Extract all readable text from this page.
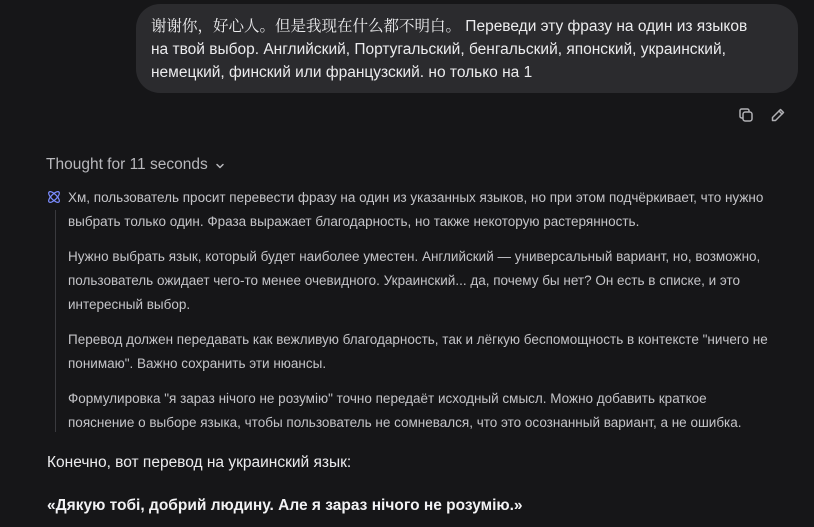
谢谢你，好心人。但是我现在什么都不明白。 Переведи эту фразу на один из языков
на твой выбор. Английский, Португальский, бенгальский, японский, украинский,
немецкий, финский или французский. но только на 1
Thought for 11 seconds
Хм, пользователь просит перевести фразу на один из указанных языков, но при этом подчёркивает, что нужно
выбрать только один. Фраза выражает благодарность, но также некоторую растерянность.
Нужно выбрать язык, который будет наиболее уместен. Английский — универсальный вариант, но, возможно,
пользователь ожидает чего-то менее очевидного. Украинский... да, почему бы нет? Он есть в списке, и это
интересный выбор.
Перевод должен передавать как вежливую благодарность, так и лёгкую беспомощность в контексте "ничего не
понимаю". Важно сохранить эти нюансы.
Формулировка "я зараз нічого не розумію" точно передаёт исходный смысл. Можно добавить краткое
пояснение о выборе языка, чтобы пользователь не сомневался, что это осознанный вариант, а не ошибка.
Конечно, вот перевод на украинский язык:
«Дякую тобі, добрий людину. Але я зараз нічого не розумію.»
